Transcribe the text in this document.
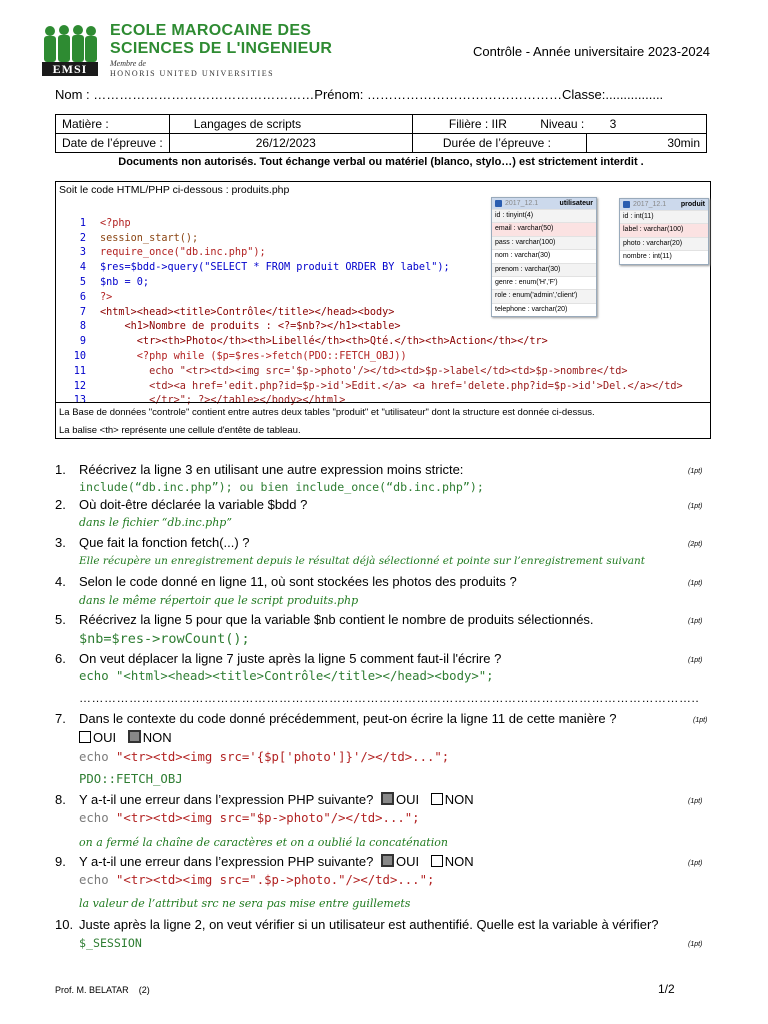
EMSI
ECOLE MAROCAINE DES
SCIENCES DE L'INGENIEUR
Membre de
HONORIS UNITED UNIVERSITIES
Contrôle - Année universitaire 2023-2024
Nom : ……………………………………………Prénom: ………………………………………Classe:................
Matière :	Langages de scripts	Filière : IIR Niveau : 3	
Date de l’épreuve :	26/12/2023	Durée de l’épreuve :	30min
Documents non autorisés. Tout échange verbal ou matériel (blanco, stylo…) est strictement interdit .
Soit le code HTML/PHP ci-dessous : produits.php

1 <?php
2 session_start();
3 require_once("db.inc.php");
4 $res=$bdd->query("SELECT * FROM produit ORDER BY label");
5 $nb = 0;
6 ?>
7 <html><head><title>Contrôle</title></head><body>
8    <h1>Nombre de produits : <?=$nb?></h1><table>
9      <tr><th>Photo</th><th>Libellé</th><th>Qté.</th><th>Action</th></tr>
10      <?php while ($p=$res->fetch(PDO::FETCH_OBJ))
11        echo "<tr><td><img src='$p->photo'/></td><td>$p->label</td><td>$p->nombre</td>
12        <td><a href='edit.php?id=$p->id'>Edit.</a> <a href='delete.php?id=$p->id'>Del.</a></td>
13        </tr>"; ?></table></body></html>

2017_12.1	utilisateur
id : tinyint(4)
email : varchar(50)
pass : varchar(100)
nom : varchar(30)
prenom : varchar(30)
genre : enum('H','F')
role : enum('admin','client')
telephone : varchar(20)
2017_12.1 produit
id : int(11)
label : varchar(100)
photo : varchar(20)
nombre : int(11)
La Base de données "controle" contient entre autres deux tables "produit" et "utilisateur" dont la structure est donnée ci-dessus.
La balise <th> représente une cellule d'entête de tableau.
1. Réécrivez la ligne 3 en utilisant une autre expression moins stricte:	(1pt)
include(“db.inc.php”); ou bien include_once(“db.inc.php”);
2. Où doit-être déclarée la variable $bdd ?	(1pt)
dans le fichier “db.inc.php”
3. Que fait la fonction fetch(...) ?	(2pt)
Elle récupère un enregistrement depuis le résultat déjà sélectionné et pointe sur l’enregistrement suivant
4. Selon le code donné en ligne 11, où sont stockées les photos des produits ?	(1pt)
dans le même répertoir que le script produits.php
5. Réécrivez la ligne 5 pour que la variable $nb contient le nombre de produits sélectionnés.	(1pt)
$nb=$res->rowCount();
6. On veut déplacer la ligne 7 juste après la ligne 5 comment faut-il l'écrire ?	(1pt)
echo "<html><head><title>Contrôle</title></head><body>";
…………………………………………………………………………………………………………………………………..
7. Dans le contexte du code donné précédemment, peut-on écrire la ligne 11 de cette manière ?	(1pt)
OUI NON
echo "<tr><td><img src='{$p['photo']}'/></td>...";
PDO::FETCH_OBJ
8. Y a-t-il une erreur dans l’expression PHP suivante? OUI NON	(1pt)
echo "<tr><td><img src="$p->photo"/></td>...";
on a fermé la chaîne de caractères et on a oublié la concaténation
9. Y a-t-il une erreur dans l’expression PHP suivante? OUI NON	(1pt)
echo "<tr><td><img src=".$p->photo."/></td>...";
la valeur de l’attribut src ne sera pas mise entre guillemets
10. Juste après la ligne 2, on veut vérifier si un utilisateur est authentifié. Quelle est la variable à vérifier?
(1pt)
$_SESSION
Prof. M. BELATAR (2)	1/2
